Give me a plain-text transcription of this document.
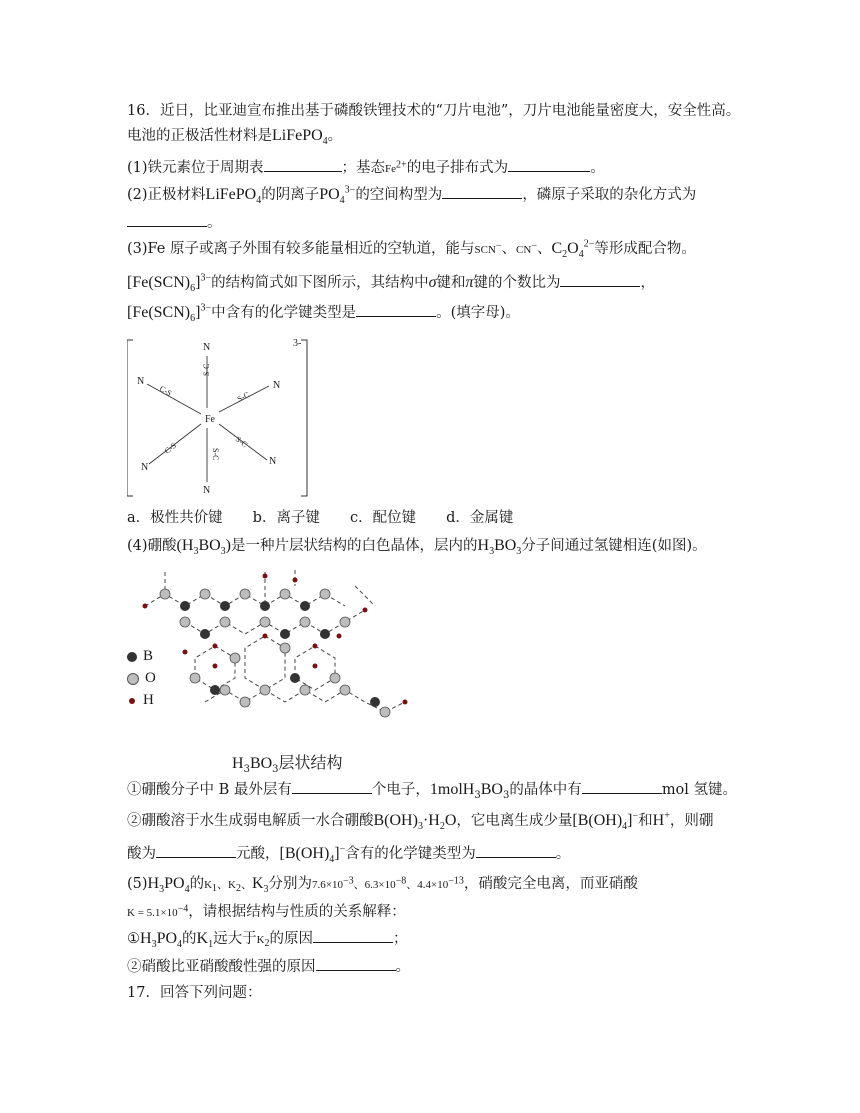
16．近日，比亚迪宣布推出基于磷酸铁锂技术的“刀片电池”，刀片电池能量密度大，安全性高。
电池的正极活性材料是LiFePO$_4$。
(1)铁元素位于周期表	；基态$Fe^{2+}$的电子排布式为	。
(2)正极材料LiFePO$_4$的阴离子$PO_4^{3-}$的空间构型为	，磷原子采取的杂化方式为
。
(3)Fe 原子或离子外围有较多能量相近的空轨道，能与SCN−、CN−、$C_2O_4^{2-}$等形成配合物。
$[Fe(SCN)_6]^{3-}$的结构简式如下图所示，其结构中σ键和π键的个数比为	，
$[Fe(SCN)_6]^{3-}$中含有的化学键类型是	。(填字母)。
3-
Fe
N
N
N	N
N
N
S-C
S-C
C-S	S-C
C-S	S-C
a．极性共价键 b．离子键 c．配位键 d．金属键
(4)硼酸$(H_3BO_3)$是一种片层状结构的白色晶体，层内的$H_3BO_3$分子间通过氢键相连(如图)。
B
O
H
$H_3BO_3$层状结构
①硼酸分子中 B 最外层有	个电子，$1molH_3BO_3$的晶体中有	mol 氢键。
②硼酸溶于水生成弱电解质一水合硼酸$B(OH)_3\cdot H_2O$，它电离生成少量$[B(OH)_4]^-$和H+，则硼
酸为	元酸，$[B(OH)_4]^-$含有的化学键类型为	。
$(5)H_3PO_4$的$K_1$、$K_2$、$K_3$分别为$7.6\times 10^{-3}$、$6.3\times 10^{-8}$、$4.4\times 10^{-13}$，硝酸完全电离，而亚硝酸
$K = 5.1\times 10^{-4}$，请根据结构与性质的关系解释：
$①H_3PO_4$的$K_1$远大于$K_2$的原因	；
②硝酸比亚硝酸酸性强的原因	。
17．回答下列问题：
